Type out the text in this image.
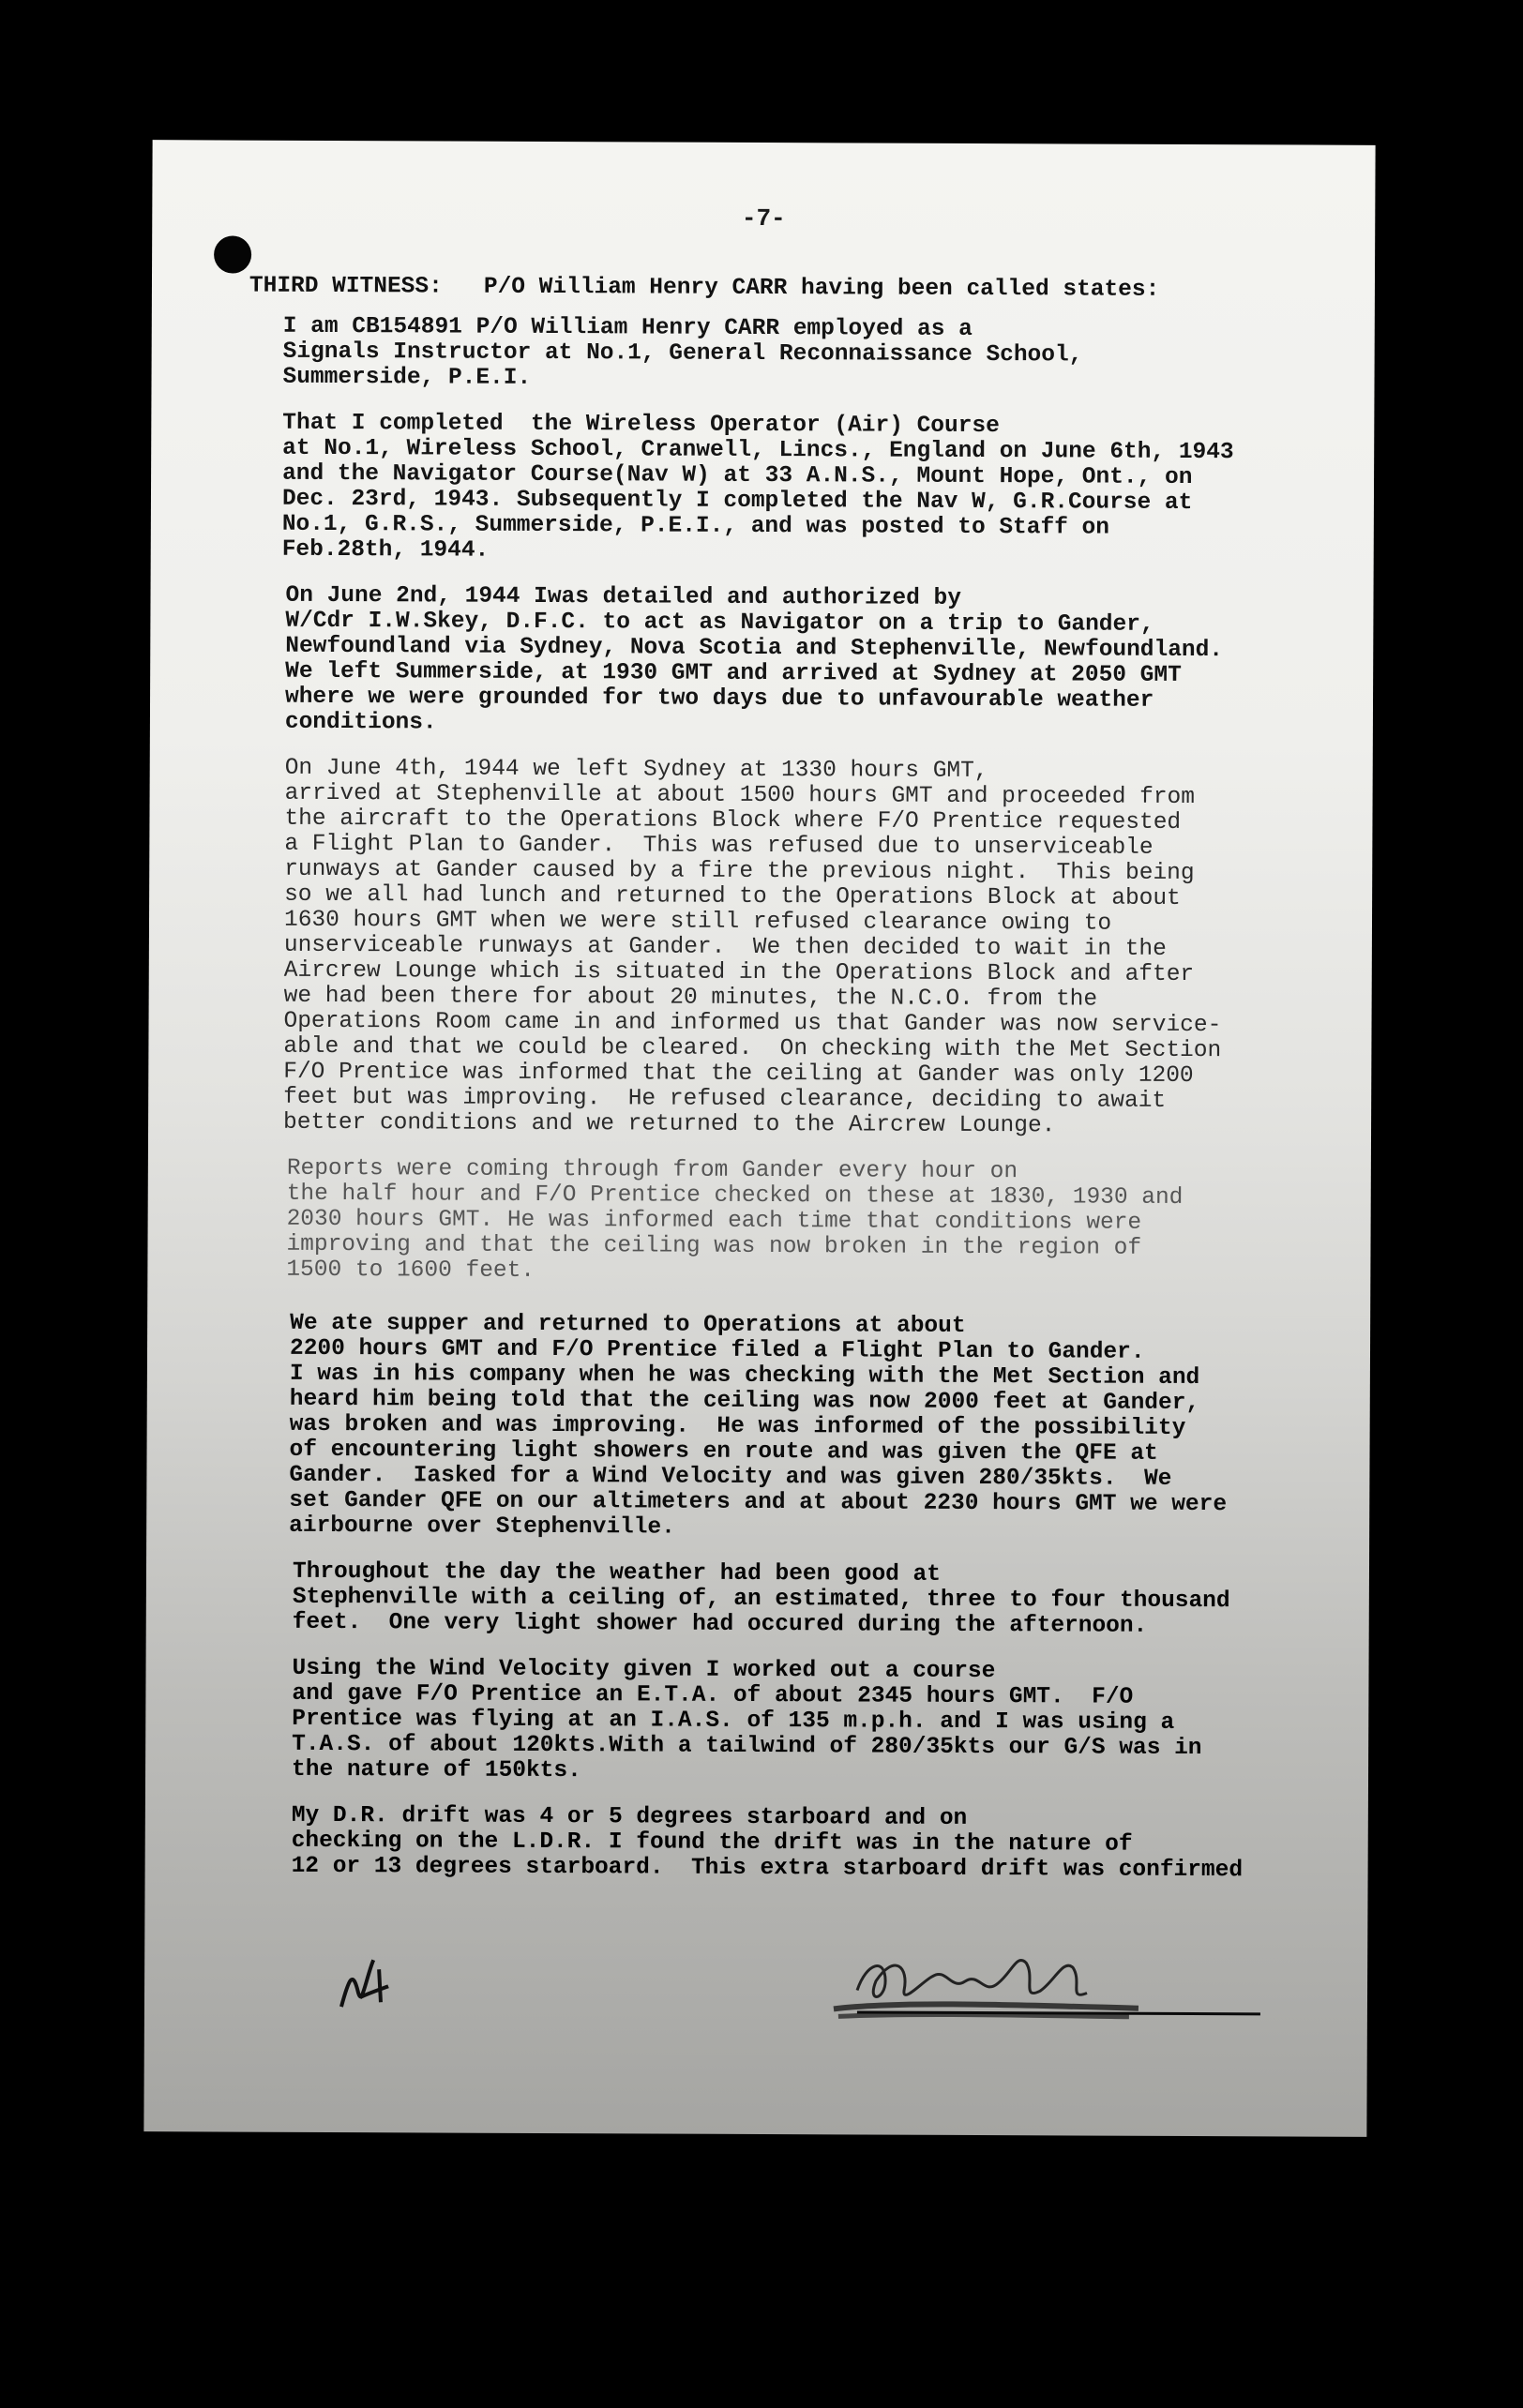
-7-
THIRD WITNESS:   P/O William Henry CARR having been called states:
I am CB154891 P/O William Henry CARR employed as a
Signals Instructor at No.1, General Reconnaissance School,
Summerside, P.E.I.
That I completed  the Wireless Operator (Air) Course
at No.1, Wireless School, Cranwell, Lincs., England on June 6th, 1943
and the Navigator Course(Nav W) at 33 A.N.S., Mount Hope, Ont., on
Dec. 23rd, 1943. Subsequently I completed the Nav W, G.R.Course at
No.1, G.R.S., Summerside, P.E.I., and was posted to Staff on
Feb.28th, 1944.
On June 2nd, 1944 Iwas detailed and authorized by
W/Cdr I.W.Skey, D.F.C. to act as Navigator on a trip to Gander,
Newfoundland via Sydney, Nova Scotia and Stephenville, Newfoundland.
We left Summerside, at 1930 GMT and arrived at Sydney at 2050 GMT
where we were grounded for two days due to unfavourable weather
conditions.
On June 4th, 1944 we left Sydney at 1330 hours GMT,
arrived at Stephenville at about 1500 hours GMT and proceeded from
the aircraft to the Operations Block where F/O Prentice requested
a Flight Plan to Gander.  This was refused due to unserviceable
runways at Gander caused by a fire the previous night.  This being
so we all had lunch and returned to the Operations Block at about
1630 hours GMT when we were still refused clearance owing to
unserviceable runways at Gander.  We then decided to wait in the
Aircrew Lounge which is situated in the Operations Block and after
we had been there for about 20 minutes, the N.C.O. from the
Operations Room came in and informed us that Gander was now service-
able and that we could be cleared.  On checking with the Met Section
F/O Prentice was informed that the ceiling at Gander was only 1200
feet but was improving.  He refused clearance, deciding to await
better conditions and we returned to the Aircrew Lounge.
Reports were coming through from Gander every hour on
the half hour and F/O Prentice checked on these at 1830, 1930 and
2030 hours GMT. He was informed each time that conditions were
improving and that the ceiling was now broken in the region of
1500 to 1600 feet.
We ate supper and returned to Operations at about
2200 hours GMT and F/O Prentice filed a Flight Plan to Gander.
I was in his company when he was checking with the Met Section and
heard him being told that the ceiling was now 2000 feet at Gander,
was broken and was improving.  He was informed of the possibility
of encountering light showers en route and was given the QFE at
Gander.  Iasked for a Wind Velocity and was given 280/35kts.  We
set Gander QFE on our altimeters and at about 2230 hours GMT we were
airbourne over Stephenville.
Throughout the day the weather had been good at
Stephenville with a ceiling of, an estimated, three to four thousand
feet.  One very light shower had occured during the afternoon.
Using the Wind Velocity given I worked out a course
and gave F/O Prentice an E.T.A. of about 2345 hours GMT.  F/O
Prentice was flying at an I.A.S. of 135 m.p.h. and I was using a
T.A.S. of about 120kts.With a tailwind of 280/35kts our G/S was in
the nature of 150kts.
My D.R. drift was 4 or 5 degrees starboard and on
checking on the L.D.R. I found the drift was in the nature of
12 or 13 degrees starboard.  This extra starboard drift was confirmed
